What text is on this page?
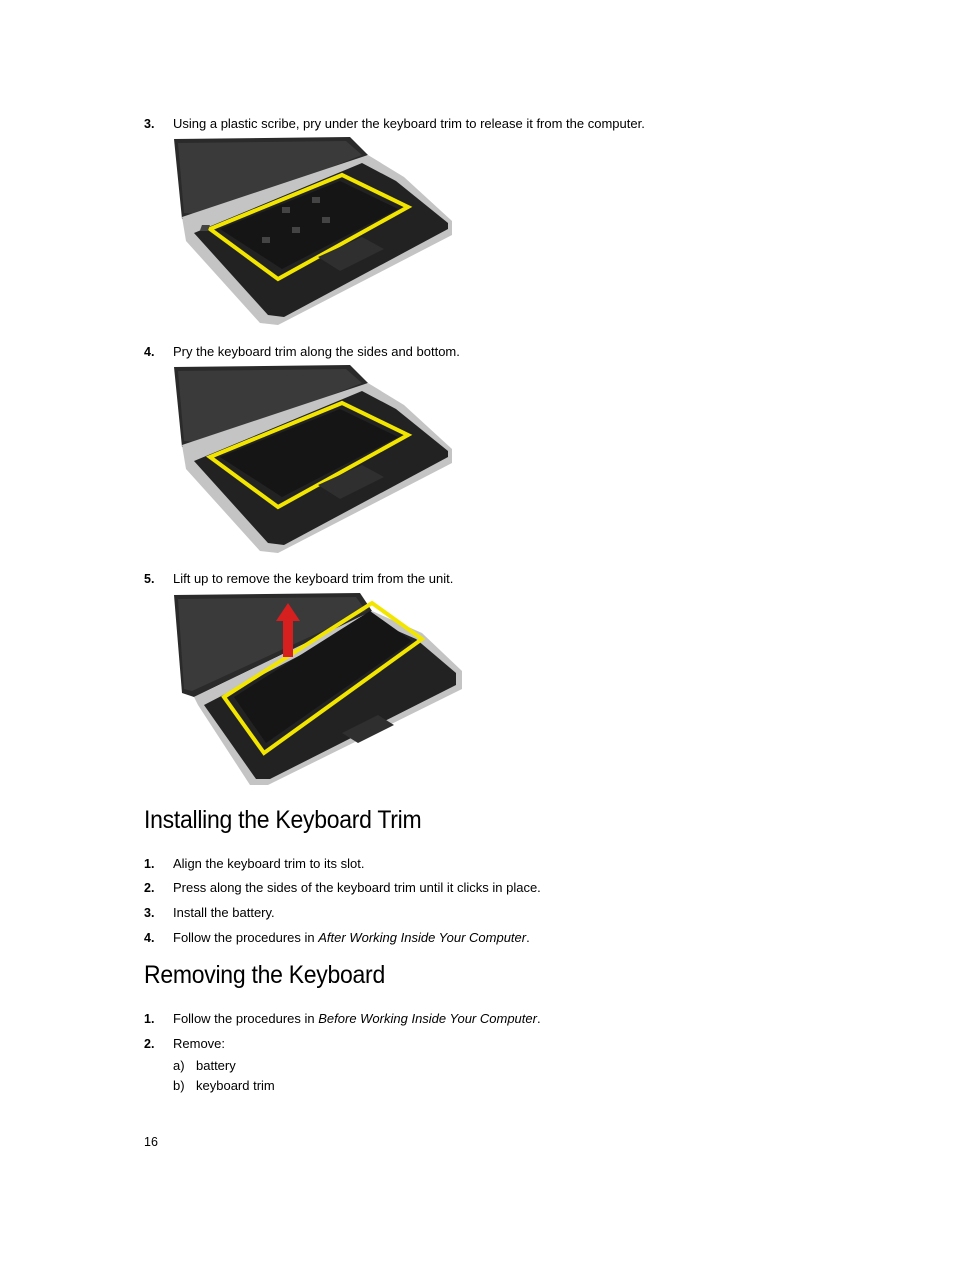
3. Using a plastic scribe, pry under the keyboard trim to release it from the computer.
4. Pry the keyboard trim along the sides and bottom.
5. Lift up to remove the keyboard trim from the unit.
Installing the Keyboard Trim
1. Align the keyboard trim to its slot.
2. Press along the sides of the keyboard trim until it clicks in place.
3. Install the battery.
4. Follow the procedures in After Working Inside Your Computer.
Removing the Keyboard
1. Follow the procedures in Before Working Inside Your Computer.
2. Remove:
a) battery
b) keyboard trim
16
